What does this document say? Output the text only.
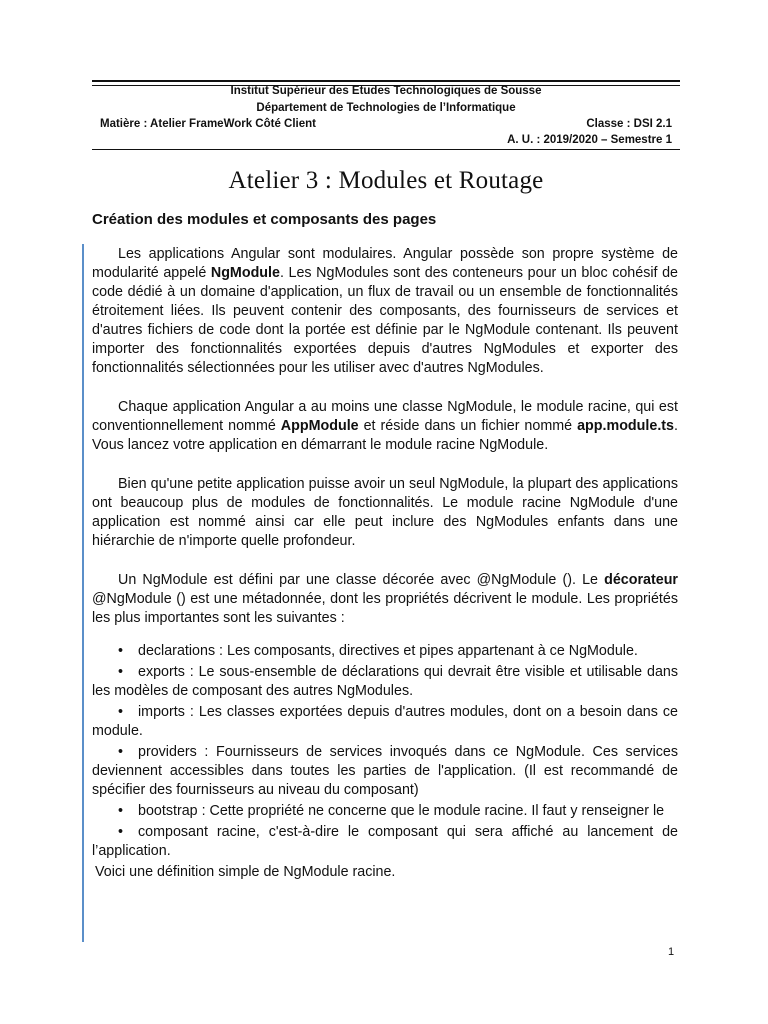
Institut Supérieur des Etudes Technologiques de Sousse
Département de Technologies de l’Informatique
Matière : Atelier FrameWork Côté Client	Classe : DSI 2.1
A. U. : 2019/2020 – Semestre 1
Atelier 3 : Modules et Routage
Création des modules et composants des pages

Les applications Angular sont modulaires. Angular possède son propre système de modularité appelé NgModule. Les NgModules sont des conteneurs pour un bloc cohésif de code dédié à un domaine d'application, un flux de travail ou un ensemble de fonctionnalités étroitement liées. Ils peuvent contenir des composants, des fournisseurs de services et d'autres fichiers de code dont la portée est définie par le NgModule contenant. Ils peuvent importer des fonctionnalités exportées depuis d'autres NgModules et exporter des fonctionnalités sélectionnées pour les utiliser avec d'autres NgModules.

Chaque application Angular a au moins une classe NgModule, le module racine, qui est conventionnellement nommé AppModule et réside dans un fichier nommé app.module.ts. Vous lancez votre application en démarrant le module racine NgModule.

Bien qu'une petite application puisse avoir un seul NgModule, la plupart des applications ont beaucoup plus de modules de fonctionnalités. Le module racine NgModule d'une application est nommé ainsi car elle peut inclure des NgModules enfants dans une hiérarchie de n'importe quelle profondeur.

Un NgModule est défini par une classe décorée avec @NgModule (). Le décorateur @NgModule () est une métadonnée, dont les propriétés décrivent le module. Les propriétés les plus importantes sont les suivantes :

• declarations : Les composants, directives et pipes appartenant à ce NgModule.

• exports : Le sous-ensemble de déclarations qui devrait être visible et utilisable dans les modèles de composant des autres NgModules.

• imports : Les classes exportées depuis d'autres modules, dont on a besoin dans ce module.

• providers : Fournisseurs de services invoqués dans ce NgModule. Ces services deviennent accessibles dans toutes les parties de l'application. (Il est recommandé de spécifier des fournisseurs au niveau du composant)

• bootstrap : Cette propriété ne concerne que le module racine. Il faut y renseigner le

• composant racine, c'est-à-dire le composant qui sera affiché au lancement de l’application.

Voici une définition simple de NgModule racine.

1
